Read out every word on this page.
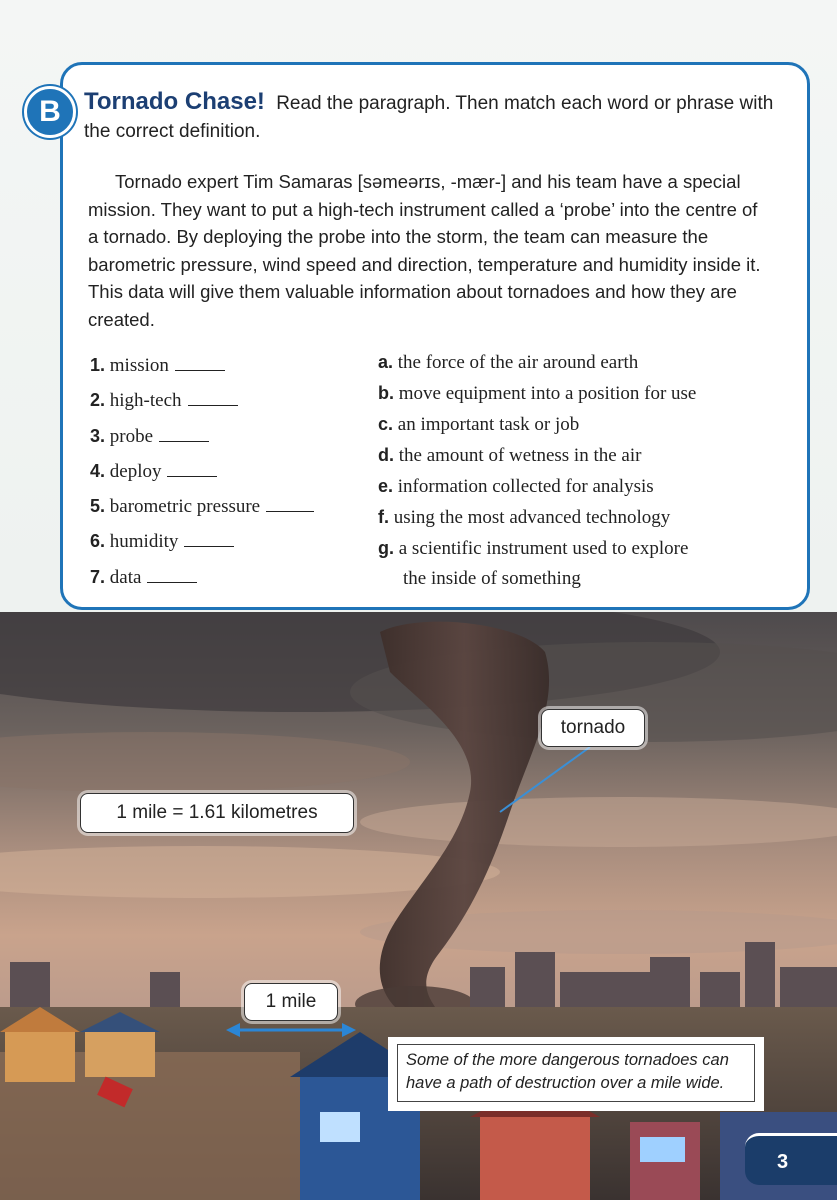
B Tornado Chase! Read the paragraph. Then match each word or phrase with the correct definition.

Tornado expert Tim Samaras [səmeərɪs, -mær-] and his team have a special mission. They want to put a high-tech instrument called a ‘probe’ into the centre of a tornado. By deploying the probe into the storm, the team can measure the barometric pressure, wind speed and direction, temperature and humidity inside it. This data will give them valuable information about tornadoes and how they are created.

1. mission
2. high-tech
3. probe
4. deploy
5. barometric pressure
6. humidity
7. data
a. the force of the air around earth
b. move equipment into a position for use
c. an important task or job
d. the amount of wetness in the air
e. information collected for analysis
f. using the most advanced technology
g. a scientific instrument used to explore
the inside of something
tornado
1 mile = 1.61 kilometres
1 mile
Some of the more dangerous tornadoes can have a path of destruction over a mile wide.
3
